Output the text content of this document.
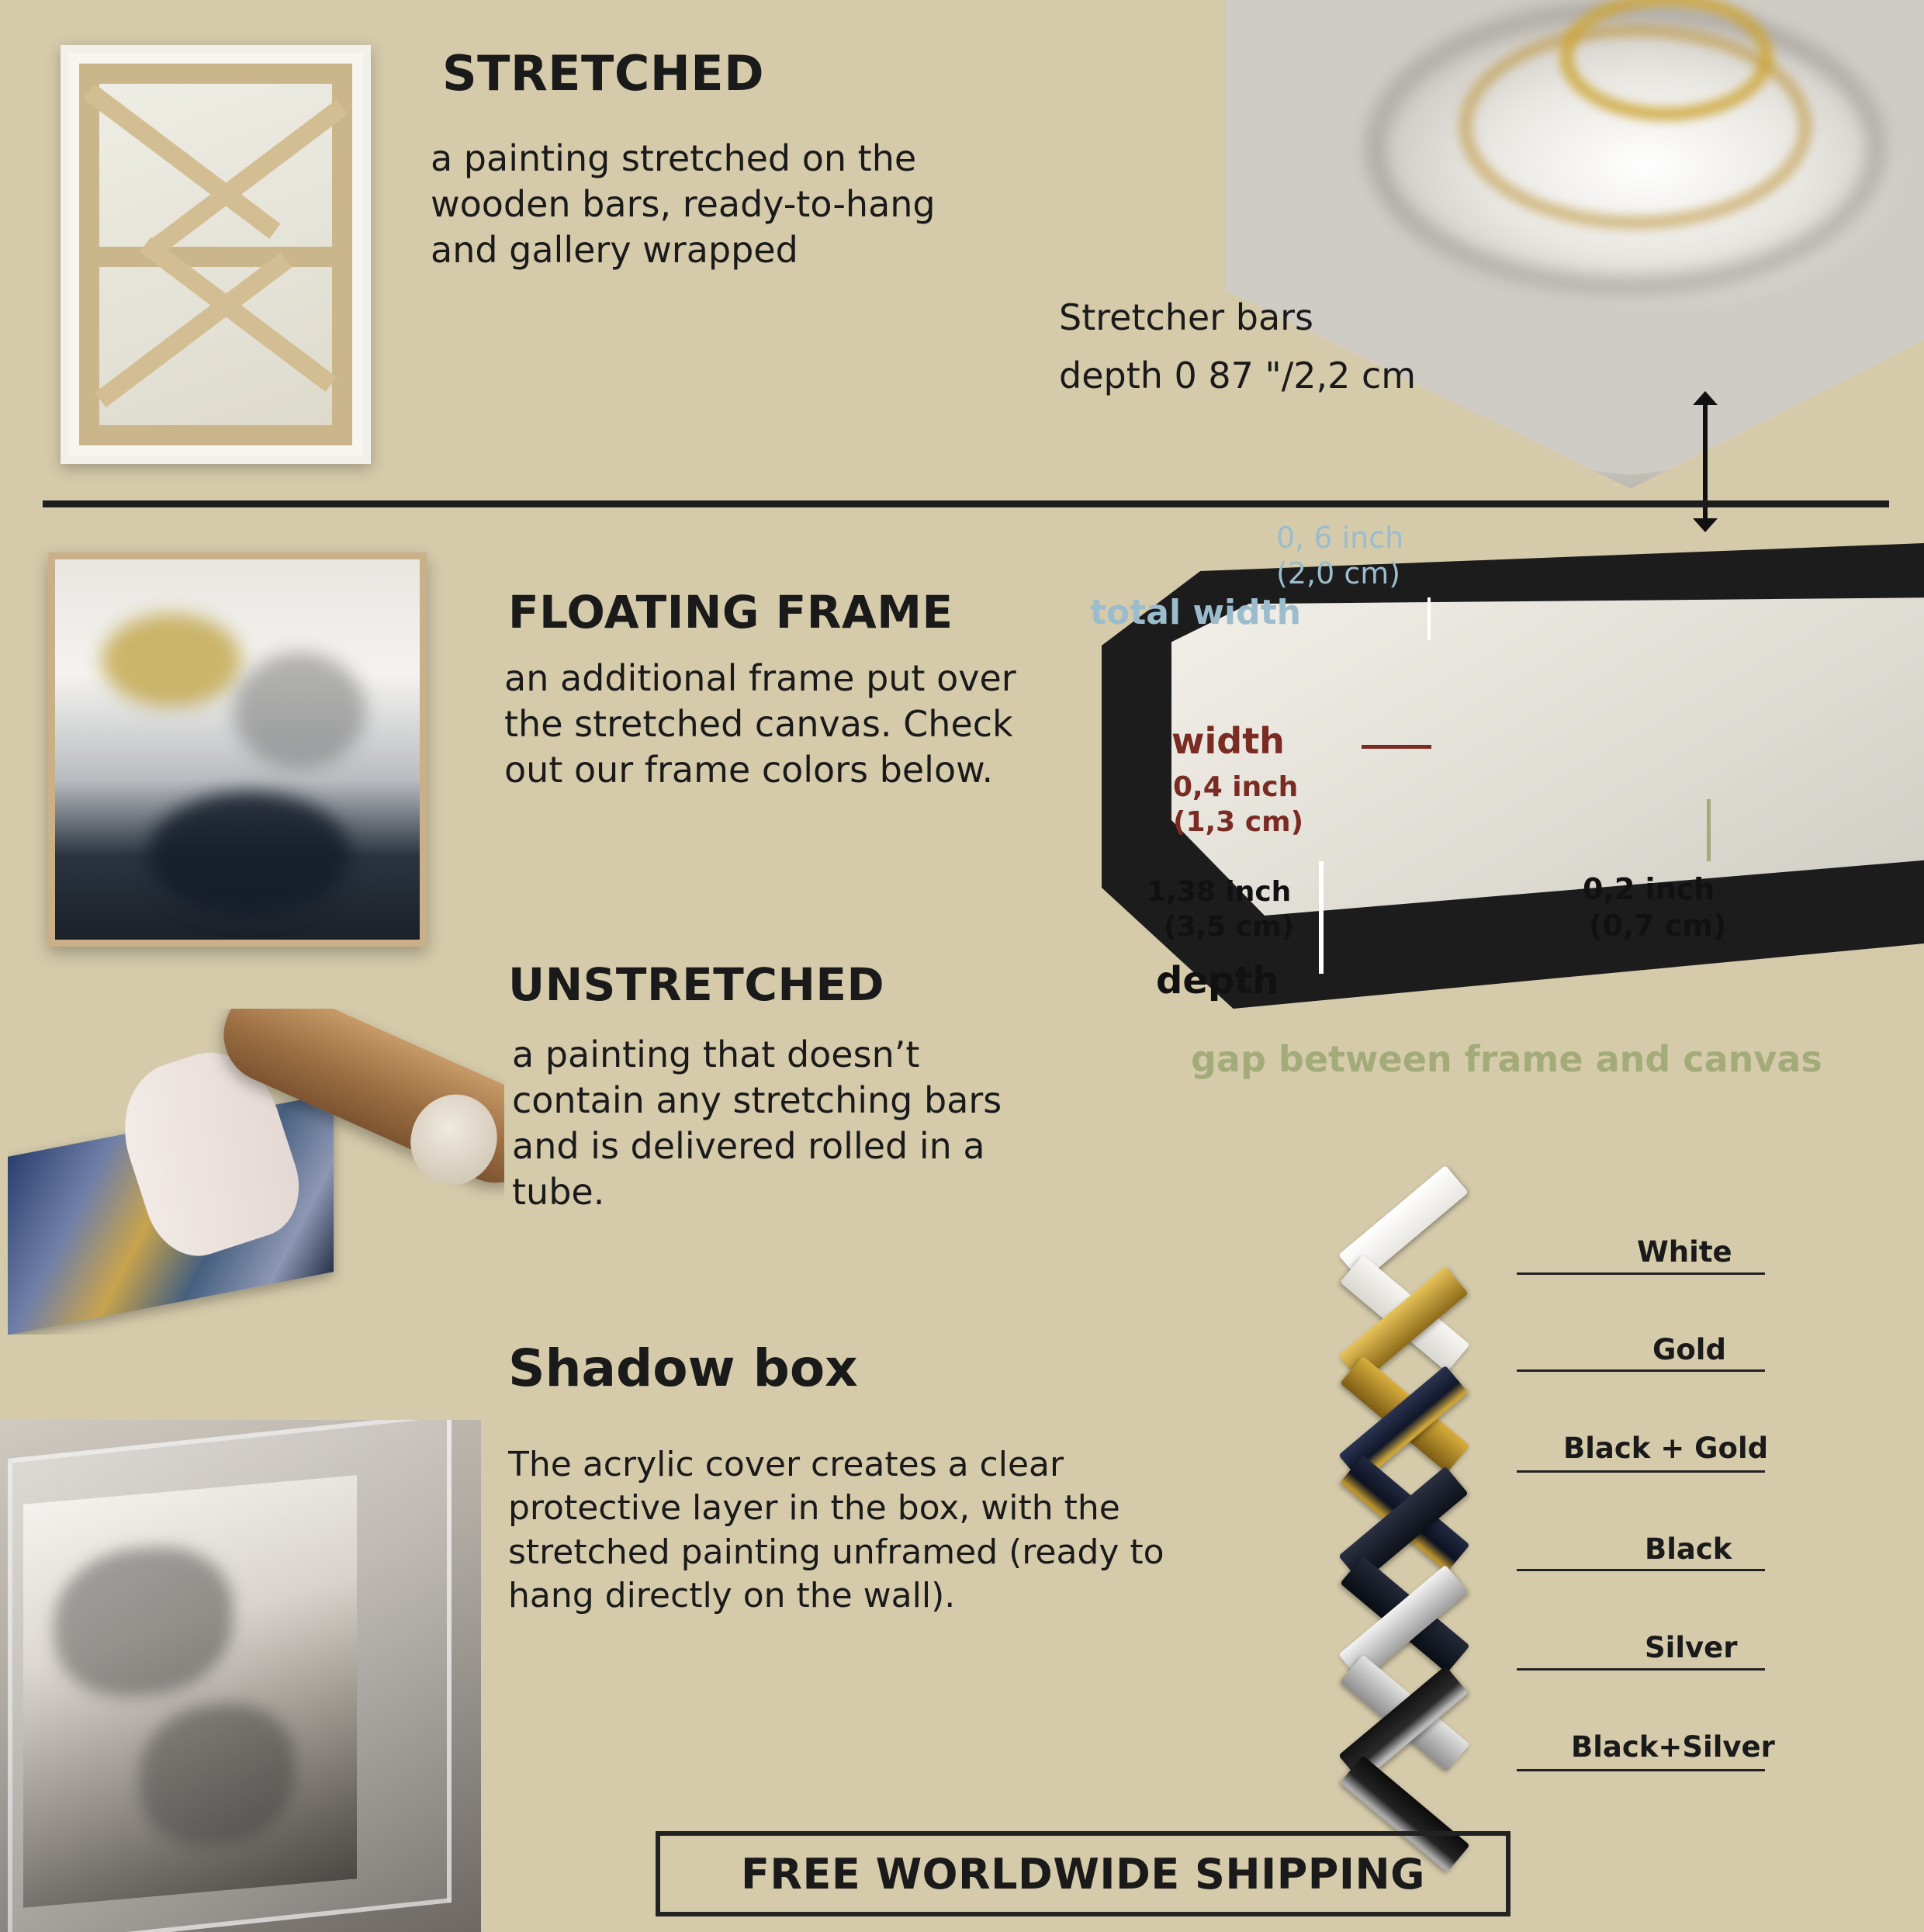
STRETCHED
a painting stretched on the wooden bars, ready-to-hang and gallery wrapped
Stretcher bars
depth 0 87 "/2,2 cm
FLOATING FRAME
an additional frame put over the stretched canvas. Check out our frame colors below.
0, 6 inch
(2,0 cm)
total width
width
0,4 inch
(1,3 cm)
1,38 inch
(3,5 cm)
depth
0,2 inch
(0,7 cm)
gap between frame and canvas
UNSTRETCHED
a painting that doesn’t contain any stretching bars and is delivered rolled in a tube.
Shadow box
The acrylic cover creates a clear protective layer in the box, with the stretched painting unframed (ready to hang directly on the wall).
White
Gold
Black + Gold
Black
Silver
Black+Silver
FREE WORLDWIDE SHIPPING
